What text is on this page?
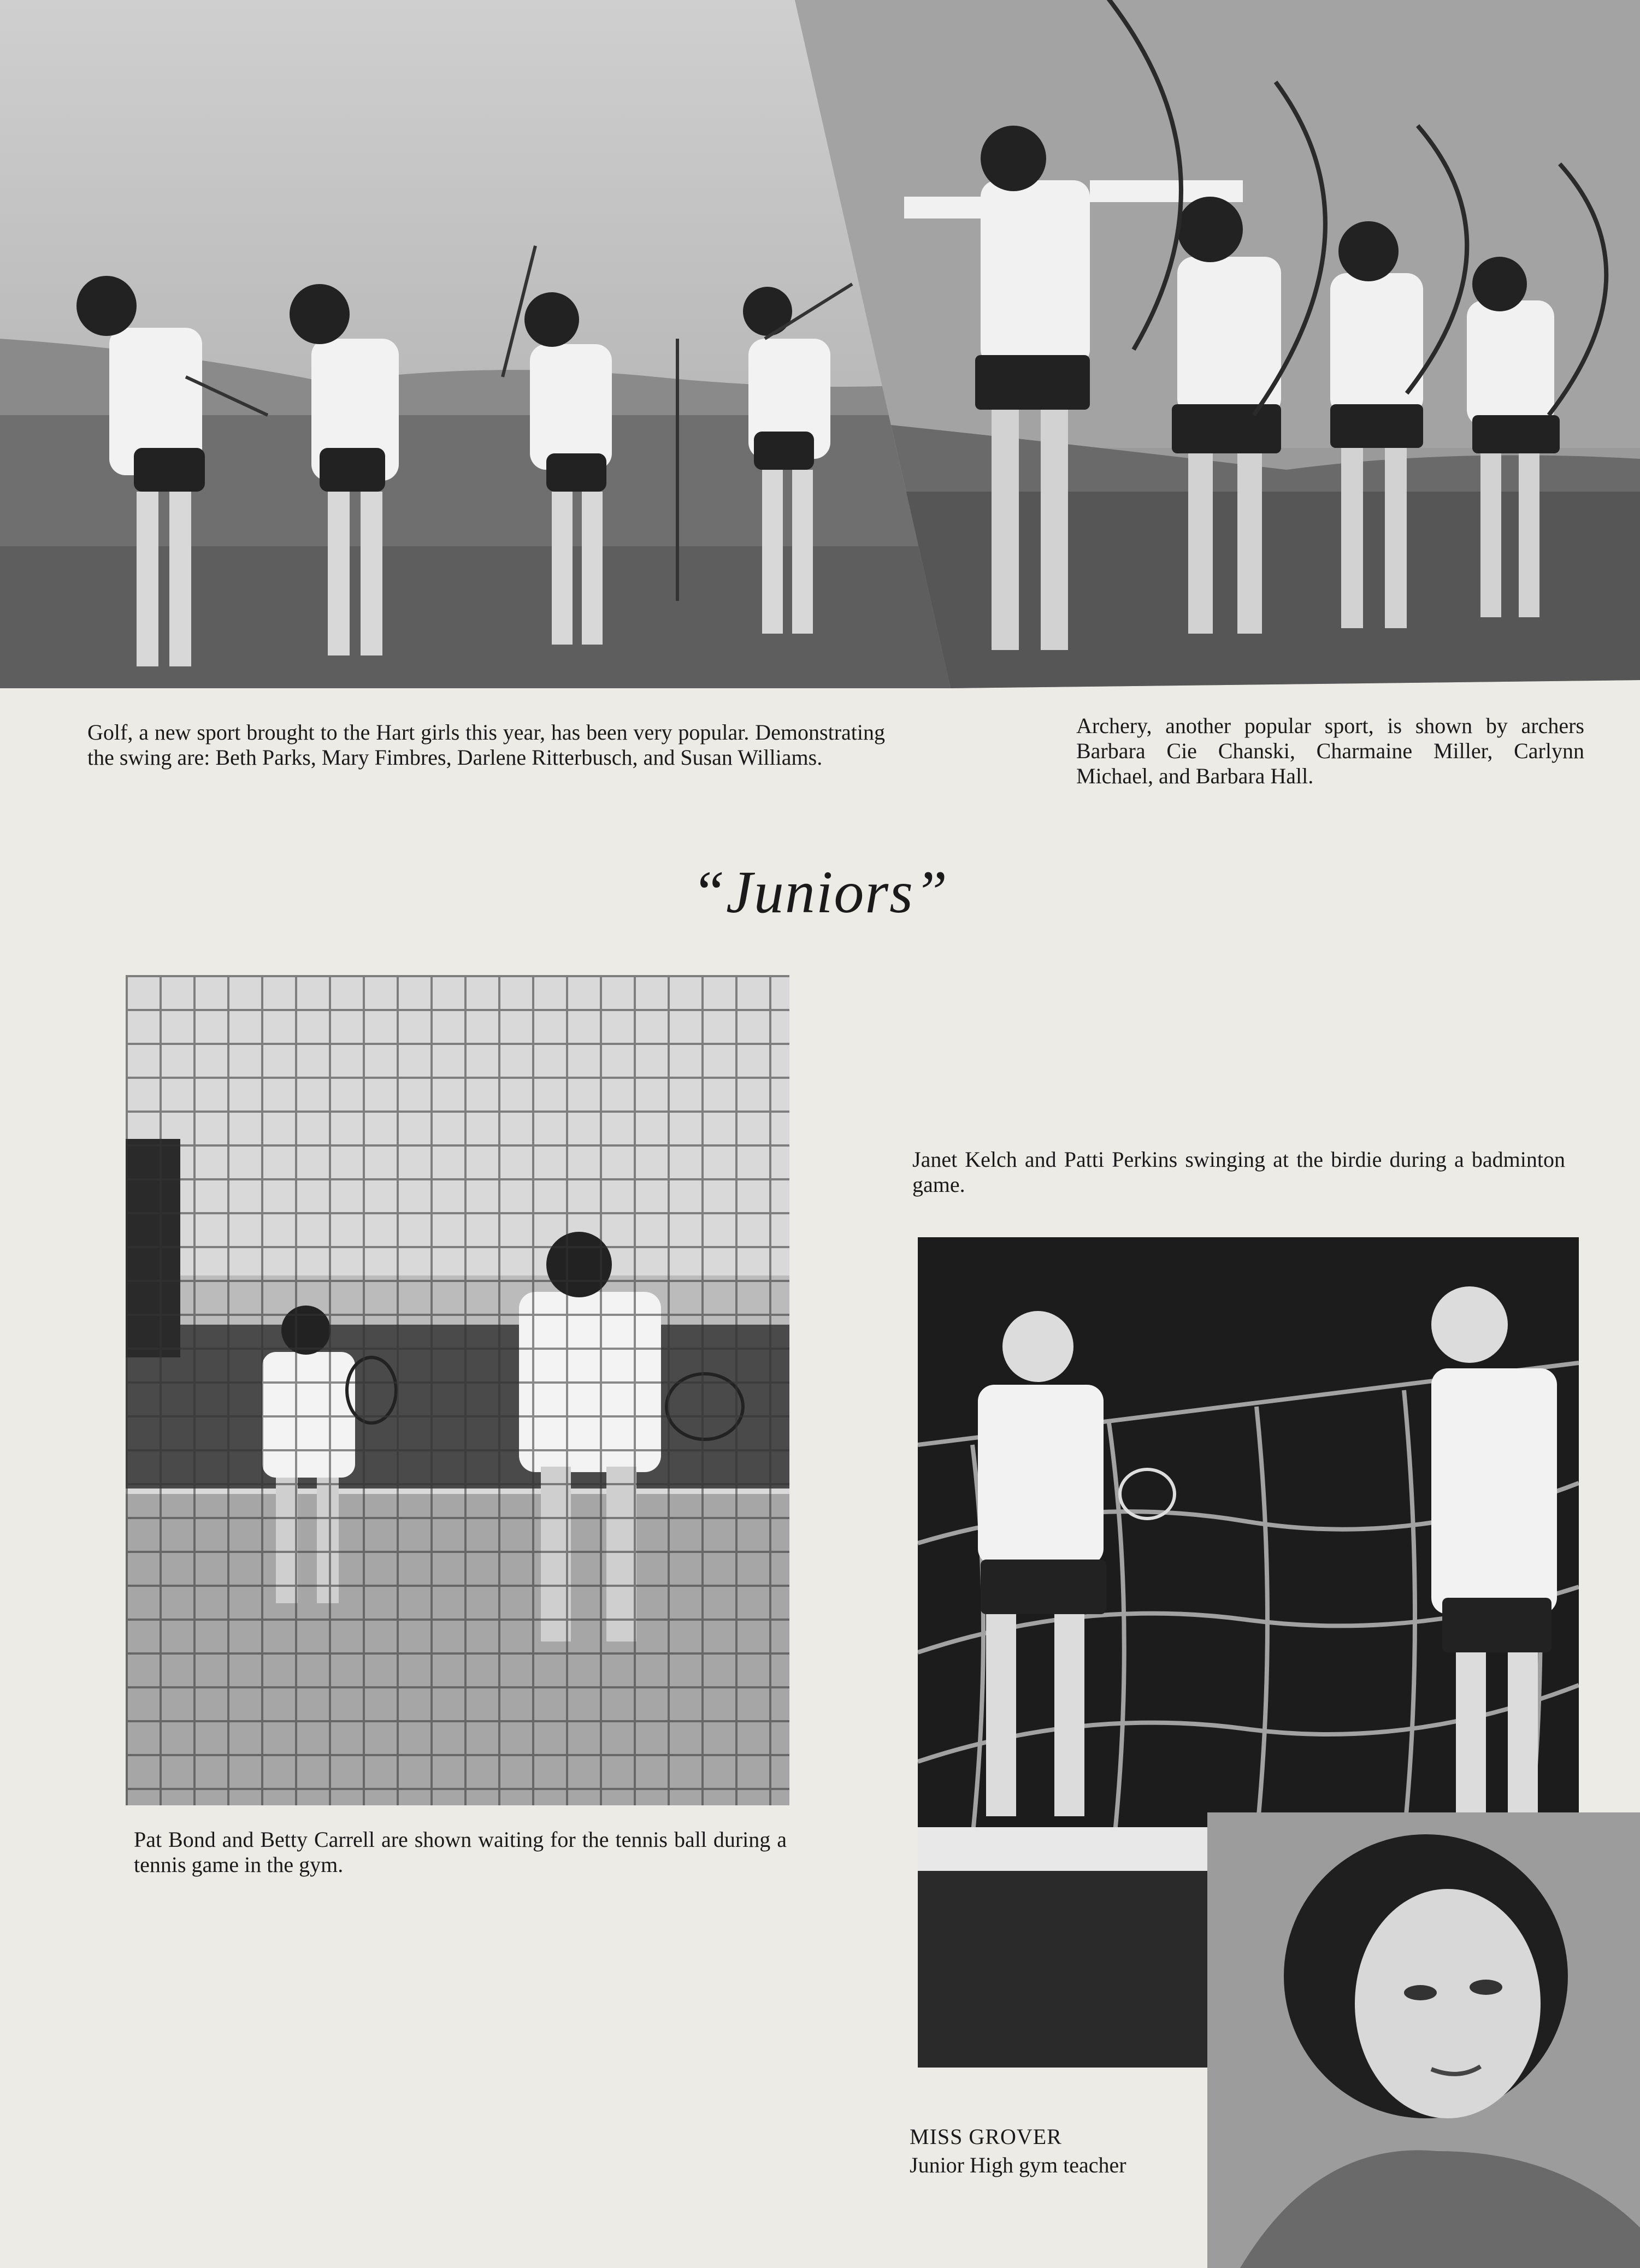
Golf, a new sport brought to the Hart girls this year, has been very popular. Demonstrating the swing are: Beth Parks, Mary Fimbres, Darlene Ritterbusch, and Susan Williams.
Archery, another popular sport, is shown by archers Barbara Cie Chanski, Charmaine Miller, Carlynn Michael, and Barbara Hall.
“Juniors”
Pat Bond and Betty Carrell are shown waiting for the tennis ball during a tennis game in the gym.
Janet Kelch and Patti Perkins swinging at the birdie during a badminton game.
MISS GROVER
Junior High gym teacher
